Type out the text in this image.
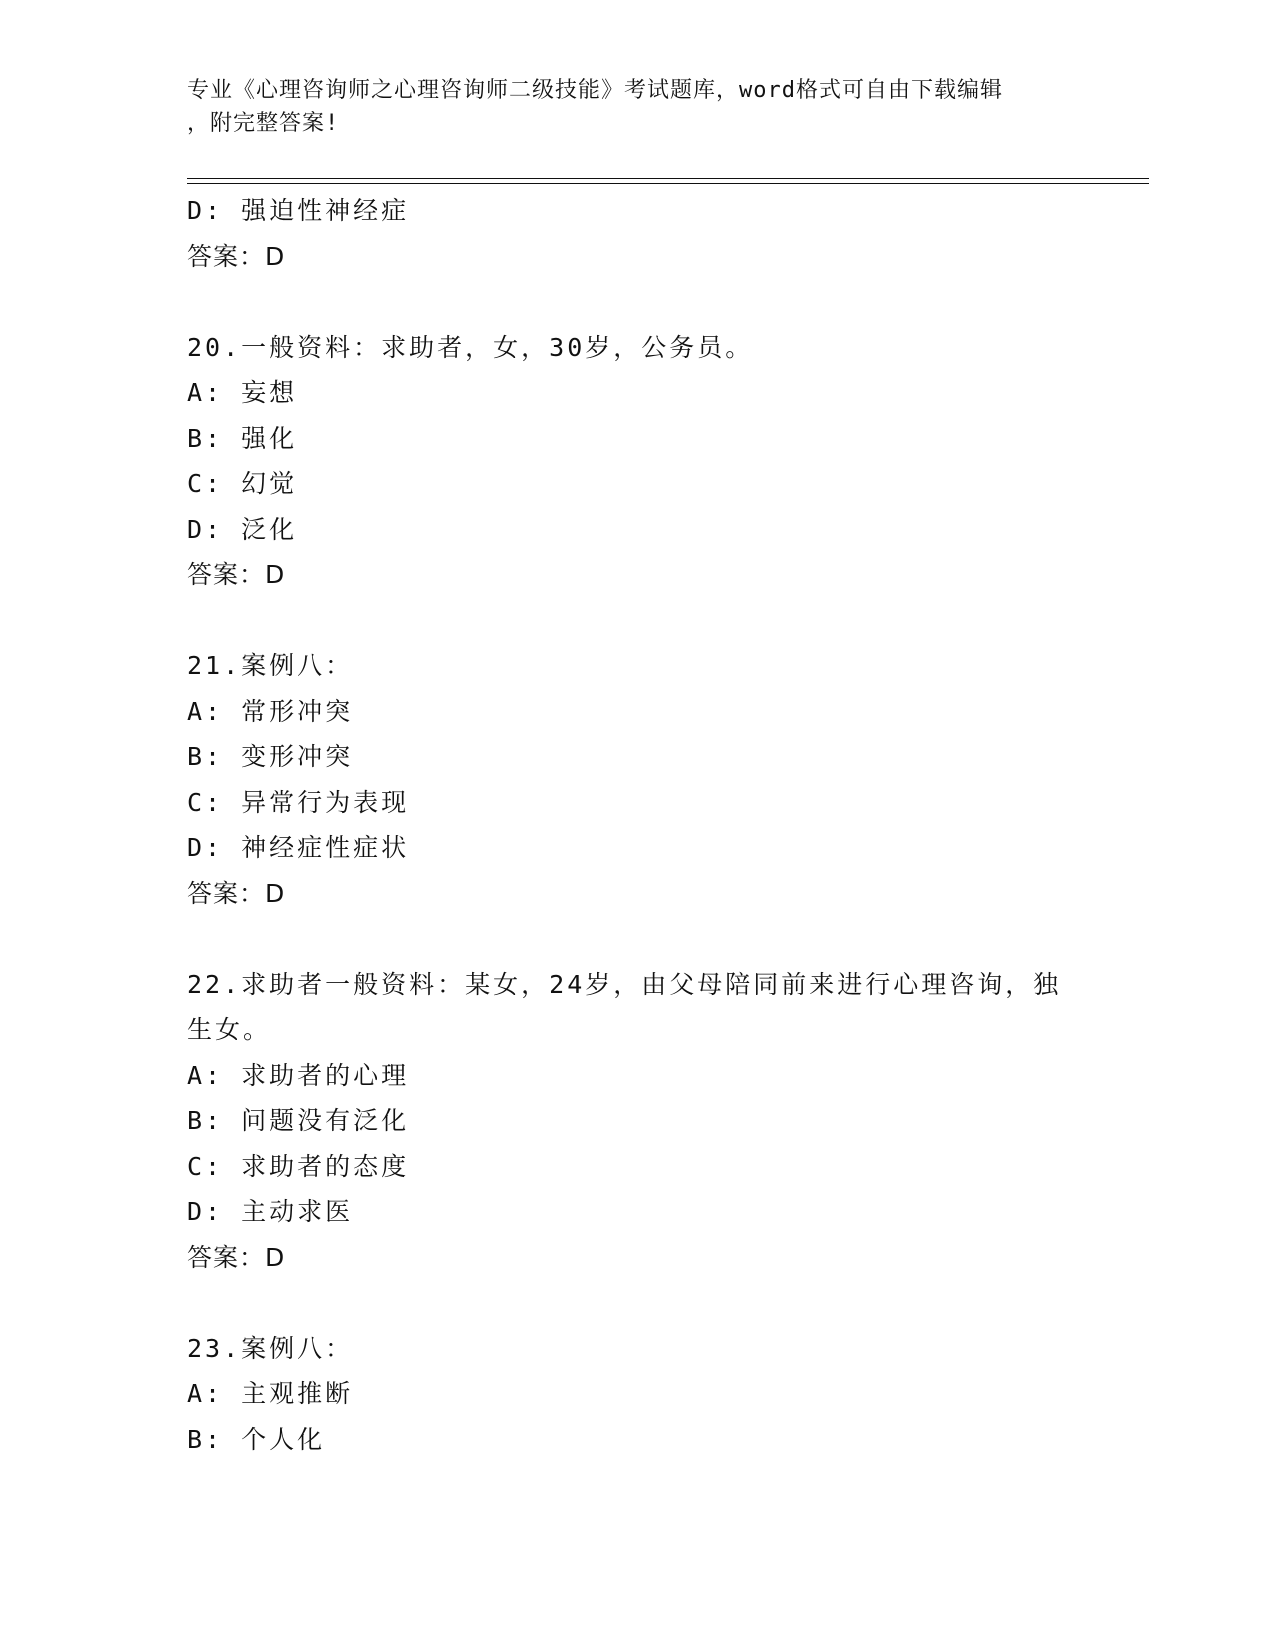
专业《心理咨询师之心理咨询师二级技能》考试题库，word格式可自由下载编辑
，附完整答案!
D: 强迫性神经症
答案：D
20.一般资料：求助者，女，30岁，公务员。
A: 妄想
B: 强化
C: 幻觉
D: 泛化
答案：D
21.案例八：
A: 常形冲突
B: 变形冲突
C: 异常行为表现
D: 神经症性症状
答案：D
22.求助者一般资料：某女，24岁，由父母陪同前来进行心理咨询，独
生女。
A: 求助者的心理
B: 问题没有泛化
C: 求助者的态度
D: 主动求医
答案：D
23.案例八：
A: 主观推断
B: 个人化
